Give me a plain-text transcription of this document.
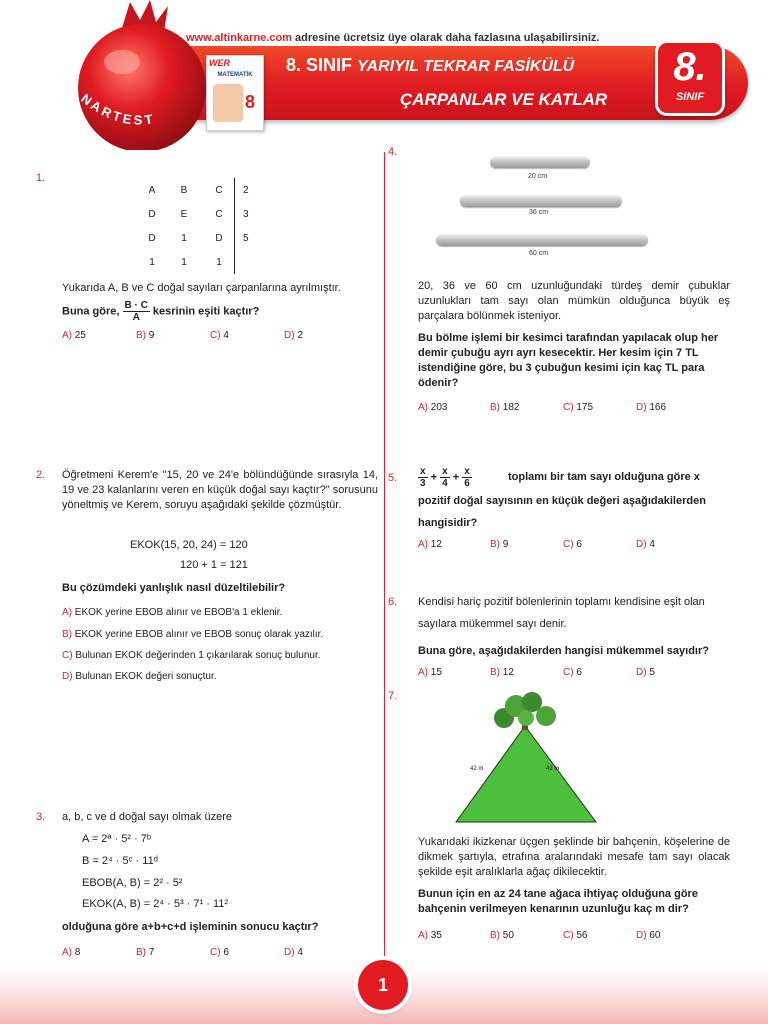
www.altinkarne.com adresine ücretsiz üye olarak daha fazlasına ulaşabilirsiniz.
NARTEST
WER
MATEMATİK
8
8. SINIF YARIYIL TEKRAR FASİKÜLÜ
ÇARPANLAR VE KATLAR
8.
SINIF
1.
A	B	C	2
D	E	C	3
D	1	D	5
1	1	1	
Yukarıda A, B ve C doğal sayıları çarpanlarına ayrılmıştır.
Buna göre, $\frac{B \cdot C}{A}$ kesrinin eşiti kaçtır?
A) 25	B) 9	C) 4	D) 2
2. Öğretmeni Kerem'e "15, 20 ve 24'e bölündüğünde sırasıyla 14, 19 ve 23 kalanlarını veren en küçük doğal sayı kaçtır?" sorusunu yöneltmiş ve Kerem, soruyu aşağıdaki şekilde çözmüştür.
EKOK(15, 20, 24) = 120
120 + 1 = 121
Bu çözümdeki yanlışlık nasıl düzeltilebilir?
A) EKOK yerine EBOB alınır ve EBOB'a 1 eklenir.
B) EKOK yerine EBOB alınır ve EBOB sonuç olarak yazılır.
C) Bulunan EKOK değerinden 1 çıkarılarak sonuç bulunur.
D) Bulunan EKOK değeri sonuçtur.
3. a, b, c ve d doğal sayı olmak üzere
A = 2ª · 5² · 7ᵇ
B = 2⁴ · 5ᶜ · 11ᵈ
EBOB(A, B) = 2² · 5²
EKOK(A, B) = 2⁴ · 5³ · 7¹ · 11²
olduğuna göre a+b+c+d işleminin sonucu kaçtır?
A) 8	B) 7	C) 6	D) 4
4.
20 cm
36 cm
60 cm
20, 36 ve 60 cm uzunluğundaki türdeş demir çubuklar uzunlukları tam sayı olan mümkün olduğunca büyük eş parçalara bölünmek isteniyor.
Bu bölme işlemi bir kesimci tarafından yapılacak olup her demir çubuğu ayrı ayrı kesecektir. Her kesim için 7 TL istendiğine göre, bu 3 çubuğun kesimi için kaç TL para ödenir?
A) 203	B) 182	C) 175	D) 166
5. $\frac{x}{3} + \frac{x}{4} + \frac{x}{6}$	toplamı bir tam sayı olduğuna göre x
pozitif doğal sayısının en küçük değeri aşağıdakilerden
hangisidir?
A) 12	B) 9	C) 6	D) 4
6. Kendisi hariç pozitif bölenlerinin toplamı kendisine eşit olan
sayılara mükemmel sayı denir.
Buna göre, aşağıdakilerden hangisi mükemmel sayıdır?
A) 15	B) 12	C) 6	D) 5
7.
42 m	42 m
Yukarıdaki ikizkenar üçgen şeklinde bir bahçenin, köşelerine de dikmek şartıyla, etrafına aralarındaki mesafe tam sayı olacak şekilde eşit aralıklarla ağaç dikilecektir.
Bunun için en az 24 tane ağaca ihtiyaç olduğuna göre bahçenin verilmeyen kenarının uzunluğu kaç m dir?
A) 35	B) 50	C) 56	D) 60
1
